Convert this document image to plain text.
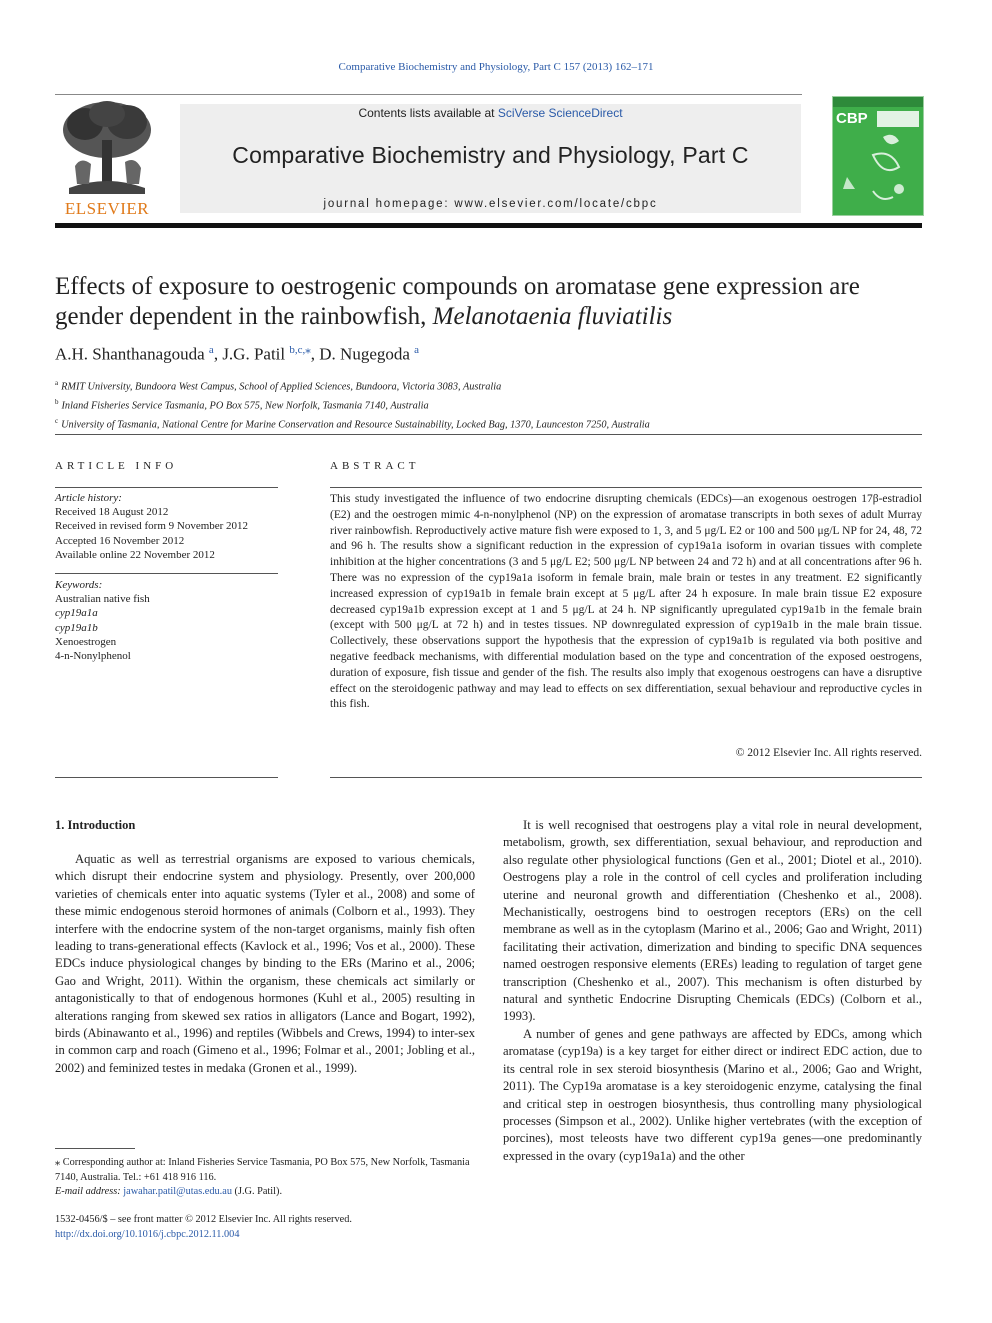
Comparative Biochemistry and Physiology, Part C 157 (2013) 162–171
ELSEVIER
Contents lists available at SciVerse ScienceDirect
Comparative Biochemistry and Physiology, Part C
journal homepage: www.elsevier.com/locate/cbpc
CBP
Effects of exposure to oestrogenic compounds on aromatase gene expression are
gender dependent in the rainbowfish, Melanotaenia fluviatilis
A.H. Shanthanagouda $^a$, J.G. Patil $^{b,c,⁎}$, D. Nugegoda $^a$
$^a$ RMIT University, Bundoora West Campus, School of Applied Sciences, Bundoora, Victoria 3083, Australia
$^b$ Inland Fisheries Service Tasmania, PO Box 575, New Norfolk, Tasmania 7140, Australia
$^c$ University of Tasmania, National Centre for Marine Conservation and Resource Sustainability, Locked Bag, 1370, Launceston 7250, Australia
ARTICLE INFO
Article history:
Received 18 August 2012
Received in revised form 9 November 2012
Accepted 16 November 2012
Available online 22 November 2012
Keywords:
Australian native fish
cyp19a1a
cyp19a1b
Xenoestrogen
4-n-Nonylphenol
ABSTRACT
This study investigated the influence of two endocrine disrupting chemicals (EDCs)—an exogenous oestrogen 17β-estradiol (E2) and the oestrogen mimic 4-n-nonylphenol (NP) on the expression of aromatase transcripts in both sexes of adult Murray river rainbowfish. Reproductively active mature fish were exposed to 1, 3, and 5 μg/L E2 or 100 and 500 μg/L NP for 24, 48, 72 and 96 h. The results show a significant reduction in the expression of cyp19a1a isoform in ovarian tissues with complete inhibition at the higher concentrations (3 and 5 μg/L E2; 500 μg/L NP between 24 and 72 h) and at all concentrations after 96 h. There was no expression of the cyp19a1a isoform in female brain, male brain or testes in any treatment. E2 significantly increased expression of cyp19a1b in female brain except at 5 μg/L after 24 h exposure. In male brain tissue E2 exposure decreased cyp19a1b expression except at 1 and 5 μg/L at 24 h. NP significantly upregulated cyp19a1b in the female brain (except with 500 μg/L at 72 h) and in testes tissues. NP downregulated expression of cyp19a1b in the male brain tissue. Collectively, these observations support the hypothesis that the expression of cyp19a1b is regulated via both positive and negative feedback mechanisms, with differential modulation based on the type and concentration of the exposed oestrogens, duration of exposure, fish tissue and gender of the fish. The results also imply that exogenous oestrogens can have a disruptive effect on the steroidogenic pathway and may lead to effects on sex differentiation, sexual behaviour and reproductive cycles in this fish.
© 2012 Elsevier Inc. All rights reserved.
1. Introduction

Aquatic as well as terrestrial organisms are exposed to various chemicals, which disrupt their endocrine system and physiology. Presently, over 200,000 varieties of chemicals enter into aquatic systems (Tyler et al., 2008) and some of these mimic endogenous steroid hormones of animals (Colborn et al., 1993). They interfere with the endocrine system of the non-target organisms, mainly fish often leading to trans-generational effects (Kavlock et al., 1996; Vos et al., 2000). These EDCs induce physiological changes by binding to the ERs (Marino et al., 2006; Gao and Wright, 2011). Within the organism, these chemicals act similarly or antagonistically to that of endogenous hormones (Kuhl et al., 2005) resulting in alterations ranging from skewed sex ratios in alligators (Lance and Bogart, 1992), birds (Abinawanto et al., 1996) and reptiles (Wibbels and Crews, 1994) to inter-sex in common carp and roach (Gimeno et al., 1996; Folmar et al., 2001; Jobling et al., 2002) and feminized testes in medaka (Gronen et al., 1999).

It is well recognised that oestrogens play a vital role in neural development, metabolism, growth, sex differentiation, sexual behaviour, and reproduction and also regulate other physiological functions (Gen et al., 2001; Diotel et al., 2010). Oestrogens play a role in the control of cell cycles and proliferation including uterine and neuronal growth and differentiation (Cheshenko et al., 2008). Mechanistically, oestrogens bind to oestrogen receptors (ERs) on the cell membrane as well as in the cytoplasm (Marino et al., 2006; Gao and Wright, 2011) facilitating their activation, dimerization and binding to specific DNA sequences named oestrogen responsive elements (EREs) leading to regulation of target gene transcription (Cheshenko et al., 2007). This mechanism is often disturbed by natural and synthetic Endocrine Disrupting Chemicals (EDCs) (Colborn et al., 1993).

A number of genes and gene pathways are affected by EDCs, among which aromatase (cyp19a) is a key target for either direct or indirect EDC action, due to its central role in sex steroid biosynthesis (Marino et al., 2006; Gao and Wright, 2011). The Cyp19a aromatase is a key steroidogenic enzyme, catalysing the final and critical step in oestrogen biosynthesis, thus controlling many physiological processes (Simpson et al., 2002). Unlike higher vertebrates (with the exception of porcines), most teleosts have two different cyp19a genes—one predominantly expressed in the ovary (cyp19a1a) and the other

⁎ Corresponding author at: Inland Fisheries Service Tasmania, PO Box 575, New Norfolk, Tasmania 7140, Australia. Tel.: +61 418 916 116.
E-mail address: jawahar.patil@utas.edu.au (J.G. Patil).
1532-0456/$ – see front matter © 2012 Elsevier Inc. All rights reserved.
http://dx.doi.org/10.1016/j.cbpc.2012.11.004
